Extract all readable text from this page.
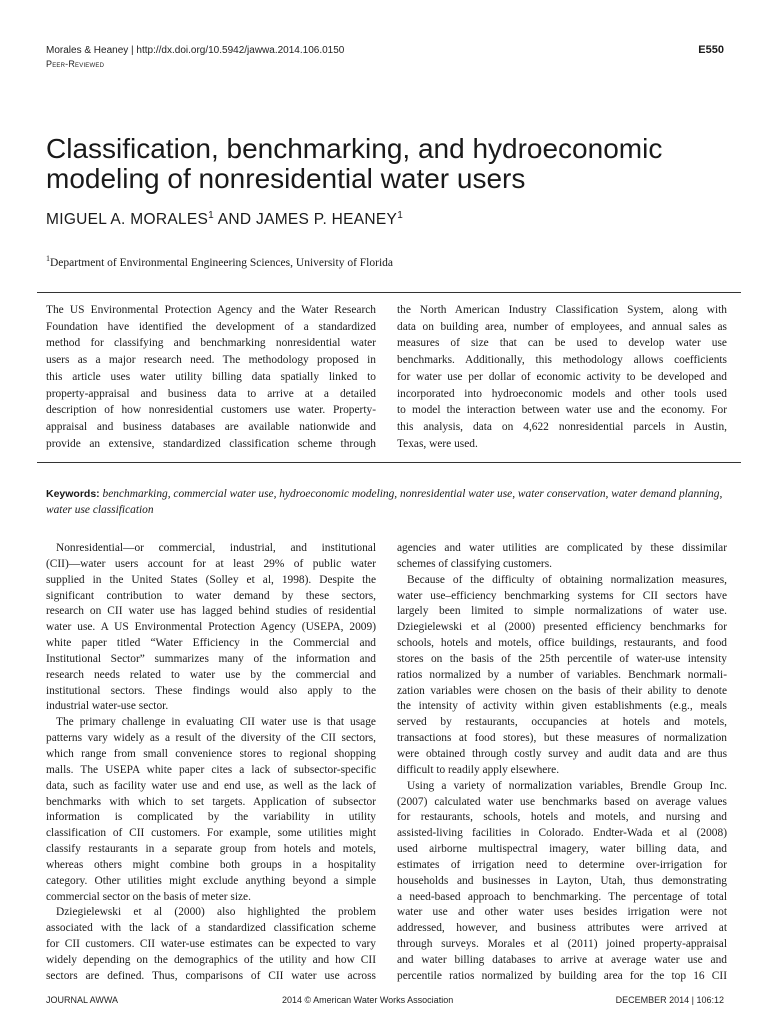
Morales & Heaney | http://dx.doi.org/10.5942/jawwa.2014.106.0150
Peer-Reviewed
E550
Classification, benchmarking, and hydroeconomic modeling of nonresidential water users
MIGUEL A. MORALES$^1$ AND JAMES P. HEANEY$^1$
$^1$Department of Environmental Engineering Sciences, University of Florida
The US Environmental Protection Agency and the Water Research
Foundation have identified the development of a standardized
method for classifying and benchmarking nonresidential water
users as a major research need. The methodology proposed in
this article uses water utility billing data spatially linked to
property-appraisal and business data to arrive at a detailed
description of how nonresidential customers use water. Property-
appraisal and business databases are available nationwide and
provide an extensive, standardized classification scheme through
the North American Industry Classification System, along with
data on building area, number of employees, and annual sales as
measures of size that can be used to develop water use
benchmarks. Additionally, this methodology allows coefficients
for water use per dollar of economic activity to be developed and
incorporated into hydroeconomic models and other tools used
to model the interaction between water use and the economy. For
this analysis, data on 4,622 nonresidential parcels in Austin,
Texas, were used.
Keywords: benchmarking, commercial water use, hydroeconomic modeling, nonresidential water use, water conservation, water demand planning, water use classification
Nonresidential—or commercial, industrial, and institutional
(CII)—water users account for at least 29% of public water
supplied in the United States (Solley et al, 1998). Despite the
significant contribution to water demand by these sectors,
research on CII water use has lagged behind studies of residential
water use. A US Environmental Protection Agency (USEPA, 2009)
white paper titled “Water Efficiency in the Commercial and
Institutional Sector” summarizes many of the information and
research needs related to water use by the commercial and
institutional sectors. These findings would also apply to the
industrial water-use sector.
The primary challenge in evaluating CII water use is that usage
patterns vary widely as a result of the diversity of the CII sectors,
which range from small convenience stores to regional shopping
malls. The USEPA white paper cites a lack of subsector-specific
data, such as facility water use and end use, as well as the lack of
benchmarks with which to set targets. Application of subsector
information is complicated by the variability in utility
classification of CII customers. For example, some utilities might
classify restaurants in a separate group from hotels and motels,
whereas others might combine both groups in a hospitality
category. Other utilities might exclude anything beyond a simple
commercial sector on the basis of meter size.
Dziegielewski et al (2000) also highlighted the problem
associated with the lack of a standardized classification scheme
for CII customers. CII water-use estimates can be expected to vary
widely depending on the demographics of the utility and how CII
sectors are defined. Thus, comparisons of CII water use across
agencies and water utilities are complicated by these dissimilar
schemes of classifying customers.
Because of the difficulty of obtaining normalization measures,
water use–efficiency benchmarking systems for CII sectors have
largely been limited to simple normalizations of water use.
Dziegielewski et al (2000) presented efficiency benchmarks for
schools, hotels and motels, office buildings, restaurants, and food
stores on the basis of the 25th percentile of water-use intensity
ratios normalized by a number of variables. Benchmark normali-
zation variables were chosen on the basis of their ability to denote
the intensity of activity within given establishments (e.g., meals
served by restaurants, occupancies at hotels and motels,
transactions at food stores), but these measures of normalization
were obtained through costly survey and audit data and are thus
difficult to readily apply elsewhere.
Using a variety of normalization variables, Brendle Group Inc.
(2007) calculated water use benchmarks based on average values
for restaurants, schools, hotels and motels, and nursing and
assisted-living facilities in Colorado. Endter-Wada et al (2008)
used airborne multispectral imagery, water billing data, and
estimates of irrigation need to determine over-irrigation for
households and businesses in Layton, Utah, thus demonstrating
a need-based approach to benchmarking. The percentage of total
water use and other water uses besides irrigation were not
addressed, however, and business attributes were arrived at
through surveys. Morales et al (2011) joined property-appraisal
and water billing databases to arrive at average water use and
percentile ratios normalized by building area for the top 16 CII
JOURNAL AWWA	2014 © American Water Works Association	DECEMBER 2014 | 106:12
